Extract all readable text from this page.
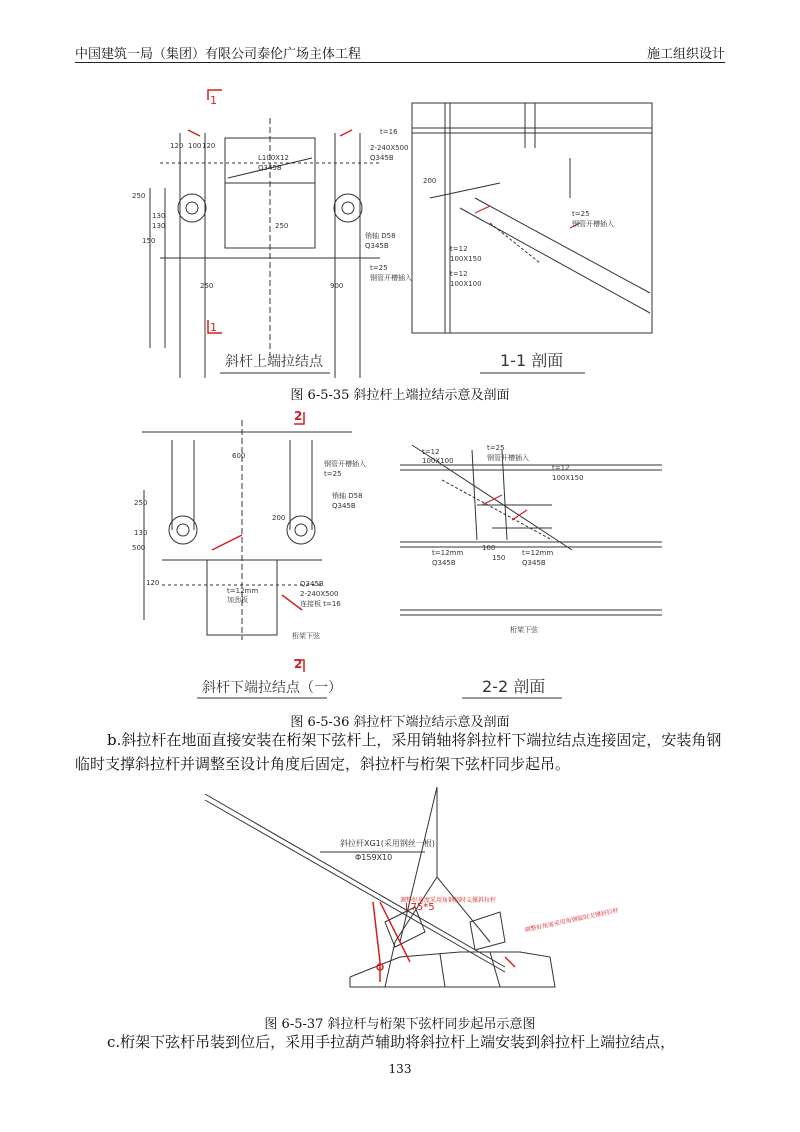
中国建筑一局（集团）有限公司泰伦广场主体工程	施工组织设计
1
1
L100X12
Q345B
2-240X500
Q345B
销轴 D58
Q345B
t=25
钢管开槽插入
t=16
250
250	900
250
150
120 100 120
130
130
斜杆上端拉结点
t=25
钢管开槽插入
t=12
100X150
t=12
100X100
200
1-1 剖面
图 6-5-35 斜拉杆上端拉结示意及剖面
2
2
600
钢管开槽插入
t=25
销轴 D58
Q345B
t=12mm
加劲板
Q345B
2-240X500
连接板 t=16
桁架下弦
250
130
120
500
200
斜杆下端拉结点（一）
t=12
100X100
t=25
钢管开槽插入
t=12
100X150
t=12mm
Q345B
t=12mm
Q345B
桁架下弦
100
150
2-2 剖面
图 6-5-36 斜拉杆下端拉结示意及剖面
b.斜拉杆在地面直接安装在桁架下弦杆上，采用销轴将斜拉杆下端拉结点连接固定，安装角钢临时支撑斜拉杆并调整至设计角度后固定，斜拉杆与桁架下弦杆同步起吊。
斜拉杆XG1(采用钢丝一根)
Φ159X10
L75*5
调整好角度采用角钢临时支撑斜拉杆
调整好角度采用角钢临时支撑斜拉杆
图 6-5-37 斜拉杆与桁架下弦杆同步起吊示意图
c.桁架下弦杆吊装到位后，采用手拉葫芦辅助将斜拉杆上端安装到斜拉杆上端拉结点，
133
